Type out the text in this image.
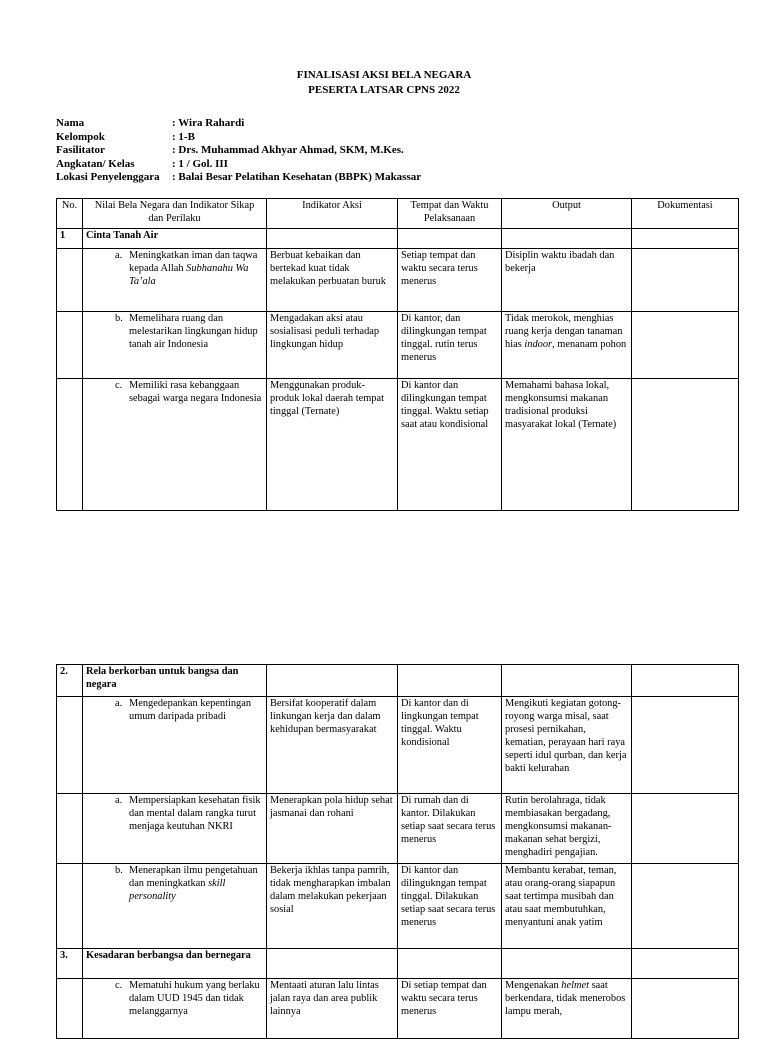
FINALISASI AKSI BELA NEGARA
PESERTA LATSAR CPNS 2022
Nama	: Wira Rahardi
Kelompok	: 1-B
Fasilitator	: Drs. Muhammad Akhyar Ahmad, SKM, M.Kes.
Angkatan/ Kelas	: 1 / Gol. III
Lokasi Penyelenggara	: Balai Besar Pelatihan Kesehatan (BBPK) Makassar
No.	Nilai Bela Negara dan Indikator Sikap dan Perilaku	Indikator Aksi	Tempat dan Waktu Pelaksanaan	Output	Dokumentasi
1	Cinta Tanah Air				

	a. Meningkatkan iman dan taqwa kepada Allah Subhanahu Wa Ta’ala	Berbuat kebaikan dan bertekad kuat tidak melakukan perbuatan buruk	Setiap tempat dan waktu secara terus menerus	Disiplin waktu ibadah dan bekerja	

	b. Memelihara ruang dan melestarikan lingkungan hidup tanah air Indonesia	Mengadakan aksi atau sosialisasi peduli terhadap lingkungan hidup	Di kantor, dan dilingkungan tempat tinggal. rutin terus menerus	Tidak merokok, menghias ruang kerja dengan tanaman hias indoor, menanam pohon	

	c. Memiliki rasa kebanggaan sebagai warga negara Indonesia	Menggunakan produk-produk lokal daerah tempat tinggal (Ternate)	Di kantor dan dilingkungan tempat tinggal. Waktu setiap saat atau kondisional	Memahami bahasa lokal, mengkonsumsi makanan tradisional produksi masyarakat lokal (Ternate)	
2.	Rela berkorban untuk bangsa dan negara				

	a. Mengedepankan kepentingan umum daripada pribadi	Bersifat kooperatif dalam linkungan kerja dan dalam kehidupan bermasyarakat	Di kantor dan di lingkungan tempat tinggal. Waktu kondisional	Mengikuti kegiatan gotong-royong warga misal, saat prosesi pernikahan, kematian, perayaan hari raya seperti idul qurban, dan kerja bakti kelurahan	

	a. Mempersiapkan kesehatan fisik dan mental dalam rangka turut menjaga keutuhan NKRI	Menerapkan pola hidup sehat jasmanai dan rohani	Di rumah dan di kantor. Dilakukan setiap saat secara terus menerus	Rutin berolahraga, tidak membiasakan bergadang, mengkonsumsi makanan-makanan sehat bergizi, menghadiri pengajian.	

	b. Menerapkan ilmu pengetahuan dan meningkatkan skill personality	Bekerja ikhlas tanpa pamrih, tidak mengharapkan imbalan dalam melakukan pekerjaan sosial	Di kantor dan dilingukngan tempat tinggal. Dilakukan setiap saat secara terus menerus	Membantu kerabat, teman, atau orang-orang siapapun saat tertimpa musibah dan atau saat membutuhkan, menyantuni anak yatim	
3.	Kesadaran berbangsa dan bernegara				

	c. Mematuhi hukum yang berlaku dalam UUD 1945 dan tidak melanggarnya	Mentaati aturan lalu lintas jalan raya dan area publik lainnya	Di setiap tempat dan waktu secara terus menerus	Mengenakan helmet saat berkendara, tidak menerobos lampu merah,	
